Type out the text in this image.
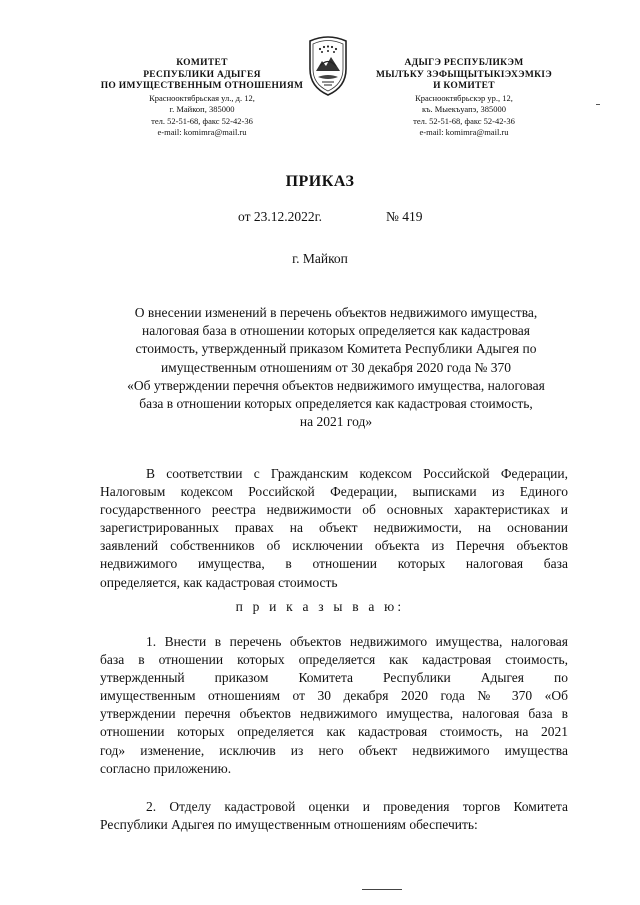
КОМИТЕТ
РЕСПУБЛИКИ АДЫГЕЯ
ПО ИМУЩЕСТВЕННЫМ ОТНОШЕНИЯМ
Краснооктябрьская ул., д. 12,
г. Майкоп, 385000
тел. 52-51-68, факс 52-42-36
e-mail: komimra@mail.ru
АДЫГЭ РЕСПУБЛИКЭМ
МЫЛЪКУ ЗЭФЫЩЫТЫКІЭХЭМКІЭ
И КОМИТЕТ
Краснооктябрьскэр ур., 12,
къ. Мыекъуапэ, 385000
тел. 52-51-68, факс 52-42-36
e-mail: komimra@mail.ru
ПРИКАЗ
от 23.12.2022г.	№ 419
г. Майкоп
О внесении изменений в перечень объектов недвижимого имущества,
налоговая база в отношении которых определяется как кадастровая
стоимость, утвержденный приказом Комитета Республики Адыгея по
имущественным отношениям от 30 декабря 2020 года № 370
«Об утверждении перечня объектов недвижимого имущества, налоговая
база в отношении которых определяется как кадастровая стоимость,
на 2021 год»
В соответствии с Гражданским кодексом Российской Федерации,
Налоговым кодексом Российской Федерации, выписками из Единого
государственного реестра недвижимости об основных характеристиках и
зарегистрированных правах на объект недвижимости, на основании
заявлений собственников об исключении объекта из Перечня объектов
недвижимого имущества, в отношении которых налоговая база
определяется, как кадастровая стоимость
п р и к а з ы в а ю:
1. Внести в перечень объектов недвижимого имущества, налоговая
база в отношении которых определяется как кадастровая стоимость,
утвержденный приказом Комитета Республики Адыгея по
имущественным отношениям от 30 декабря 2020 года № 370 «Об
утверждении перечня объектов недвижимого имущества, налоговая база в
отношении которых определяется как кадастровая стоимость, на 2021
год» изменение, исключив из него объект недвижимого имущества
согласно приложению.
2. Отделу кадастровой оценки и проведения торгов Комитета
Республики Адыгея по имущественным отношениям обеспечить:
